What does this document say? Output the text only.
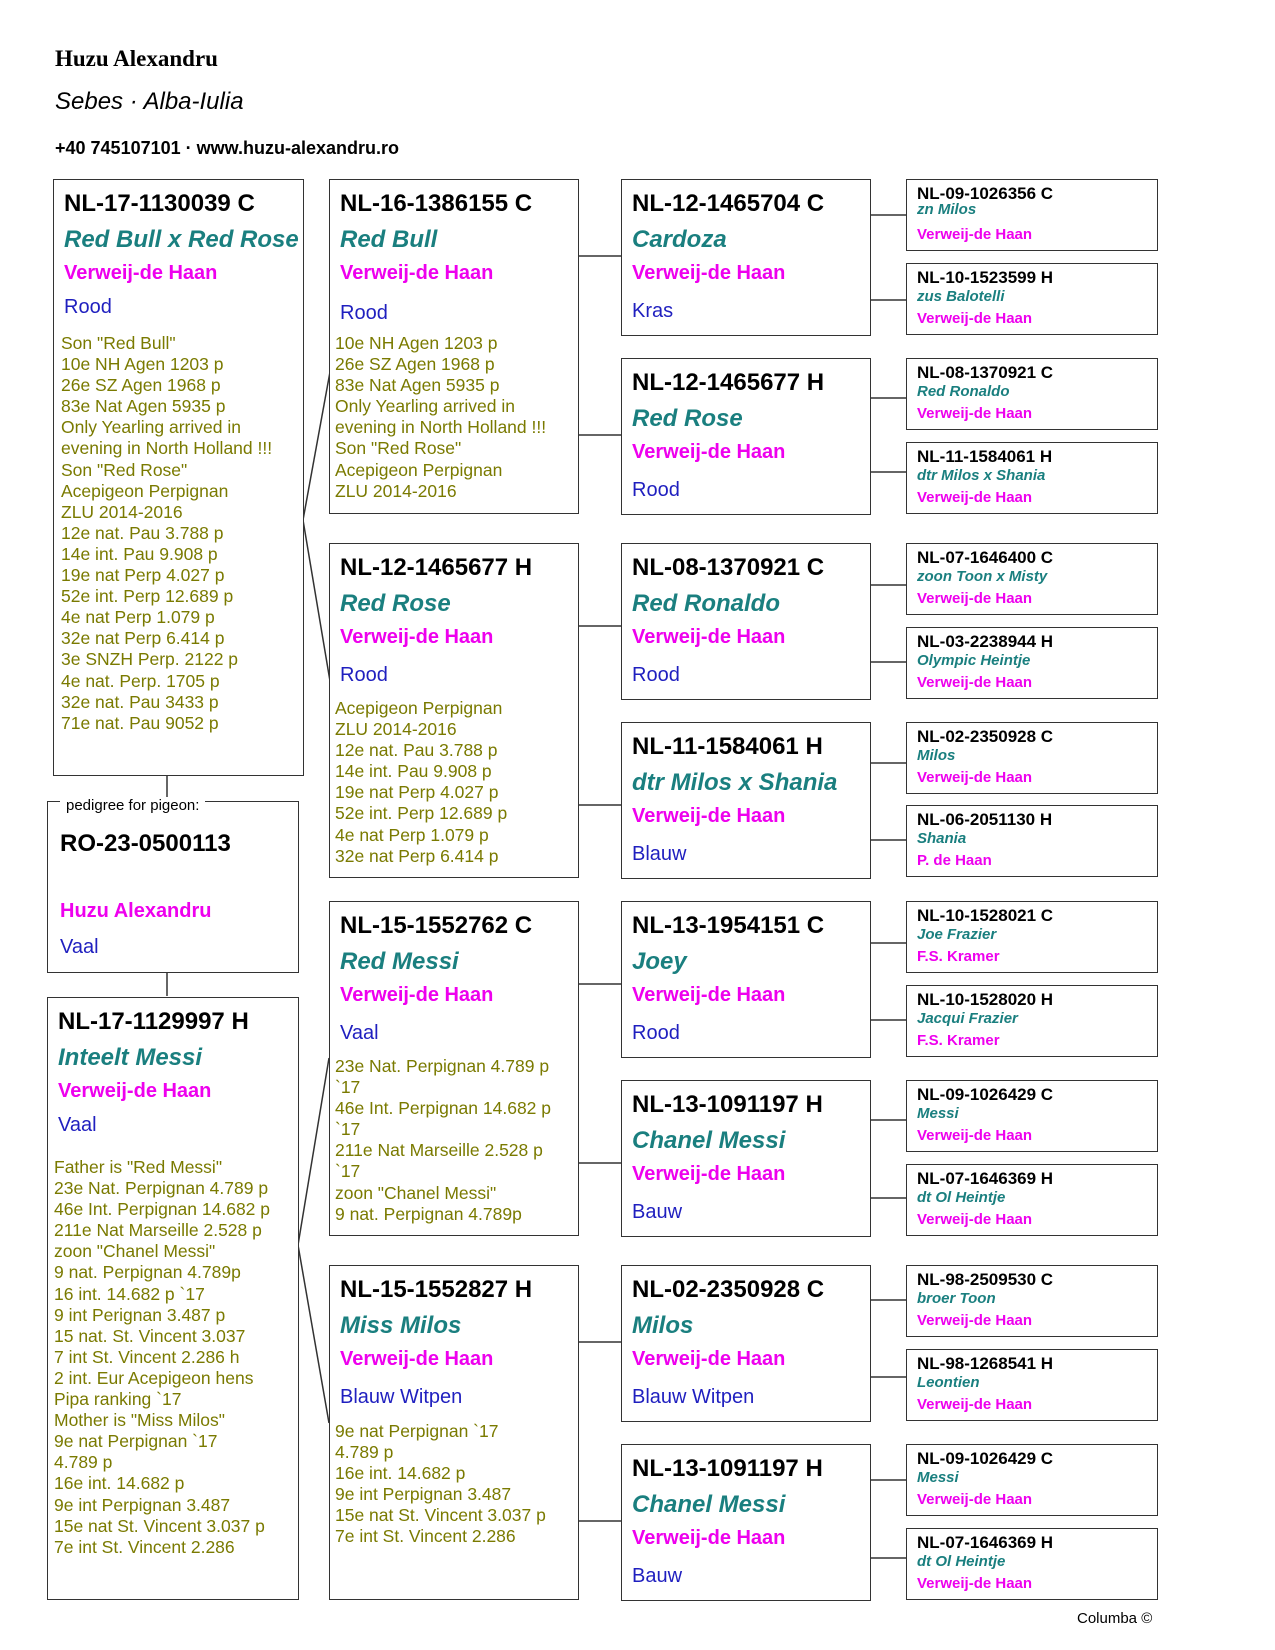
Huzu Alexandru
Sebes · Alba-Iulia
+40 745107101 · www.huzu-alexandru.ro
NL-17-1130039 C
Red Bull x Red Rose
Verweij-de Haan
Rood
Son "Red Bull"
10e NH Agen 1203 p
26e SZ Agen 1968 p
83e Nat Agen 5935 p
Only Yearling arrived in
evening in North Holland !!!
Son "Red Rose"
Acepigeon Perpignan
ZLU 2014-2016
12e nat. Pau 3.788 p
14e int. Pau 9.908 p
19e nat Perp 4.027 p
52e int. Perp 12.689 p
4e nat Perp 1.079 p
32e nat Perp 6.414 p
3e SNZH Perp. 2122 p
4e nat. Perp. 1705 p
32e nat. Pau 3433 p
71e nat. Pau 9052 p
RO-23-0500113
Huzu Alexandru
Vaal
pedigree for pigeon:
NL-17-1129997 H
Inteelt Messi
Verweij-de Haan
Vaal
Father is "Red Messi"
23e Nat. Perpignan 4.789 p
46e Int. Perpignan 14.682 p
211e Nat Marseille 2.528 p
zoon "Chanel Messi"
9 nat. Perpignan 4.789p
16 int. 14.682 p `17
9 int Perignan 3.487 p
15 nat. St. Vincent 3.037
7 int St. Vincent 2.286 h
2 int. Eur Acepigeon hens
Pipa ranking `17
Mother is "Miss Milos"
9e nat Perpignan `17
4.789 p
16e int. 14.682 p
9e int Perpignan 3.487
15e nat St. Vincent 3.037 p
7e int St. Vincent 2.286
NL-16-1386155 C
Red Bull
Verweij-de Haan
Rood
10e NH Agen 1203 p
26e SZ Agen 1968 p
83e Nat Agen 5935 p
Only Yearling arrived in
evening in North Holland !!!
Son "Red Rose"
Acepigeon Perpignan
ZLU 2014-2016
NL-12-1465677 H
Red Rose
Verweij-de Haan
Rood
Acepigeon Perpignan
ZLU 2014-2016
12e nat. Pau 3.788 p
14e int. Pau 9.908 p
19e nat Perp 4.027 p
52e int. Perp 12.689 p
4e nat Perp 1.079 p
32e nat Perp 6.414 p
NL-15-1552762 C
Red Messi
Verweij-de Haan
Vaal
23e Nat. Perpignan 4.789 p
`17
46e Int. Perpignan 14.682 p
`17
211e Nat Marseille 2.528 p
`17
zoon "Chanel Messi"
9 nat. Perpignan 4.789p
NL-15-1552827 H
Miss Milos
Verweij-de Haan
Blauw Witpen
9e nat Perpignan `17
4.789 p
16e int. 14.682 p
9e int Perpignan 3.487
15e nat St. Vincent 3.037 p
7e int St. Vincent 2.286
NL-12-1465704 C
Cardoza
Verweij-de Haan
Kras
NL-12-1465677 H
Red Rose
Verweij-de Haan
Rood
NL-08-1370921 C
Red Ronaldo
Verweij-de Haan
Rood
NL-11-1584061 H
dtr Milos x Shania
Verweij-de Haan
Blauw
NL-13-1954151 C
Joey
Verweij-de Haan
Rood
NL-13-1091197 H
Chanel Messi
Verweij-de Haan
Bauw
NL-02-2350928 C
Milos
Verweij-de Haan
Blauw Witpen
NL-13-1091197 H
Chanel Messi
Verweij-de Haan
Bauw
NL-09-1026356 C
zn Milos
Verweij-de Haan
NL-10-1523599 H
zus Balotelli
Verweij-de Haan
NL-08-1370921 C
Red Ronaldo
Verweij-de Haan
NL-11-1584061 H
dtr Milos x Shania
Verweij-de Haan
NL-07-1646400 C
zoon Toon x Misty
Verweij-de Haan
NL-03-2238944 H
Olympic Heintje
Verweij-de Haan
NL-02-2350928 C
Milos
Verweij-de Haan
NL-06-2051130 H
Shania
P. de Haan
NL-10-1528021 C
Joe Frazier
F.S. Kramer
NL-10-1528020 H
Jacqui Frazier
F.S. Kramer
NL-09-1026429 C
Messi
Verweij-de Haan
NL-07-1646369 H
dt Ol Heintje
Verweij-de Haan
NL-98-2509530 C
broer Toon
Verweij-de Haan
NL-98-1268541 H
Leontien
Verweij-de Haan
NL-09-1026429 C
Messi
Verweij-de Haan
NL-07-1646369 H
dt Ol Heintje
Verweij-de Haan
Columba ©
